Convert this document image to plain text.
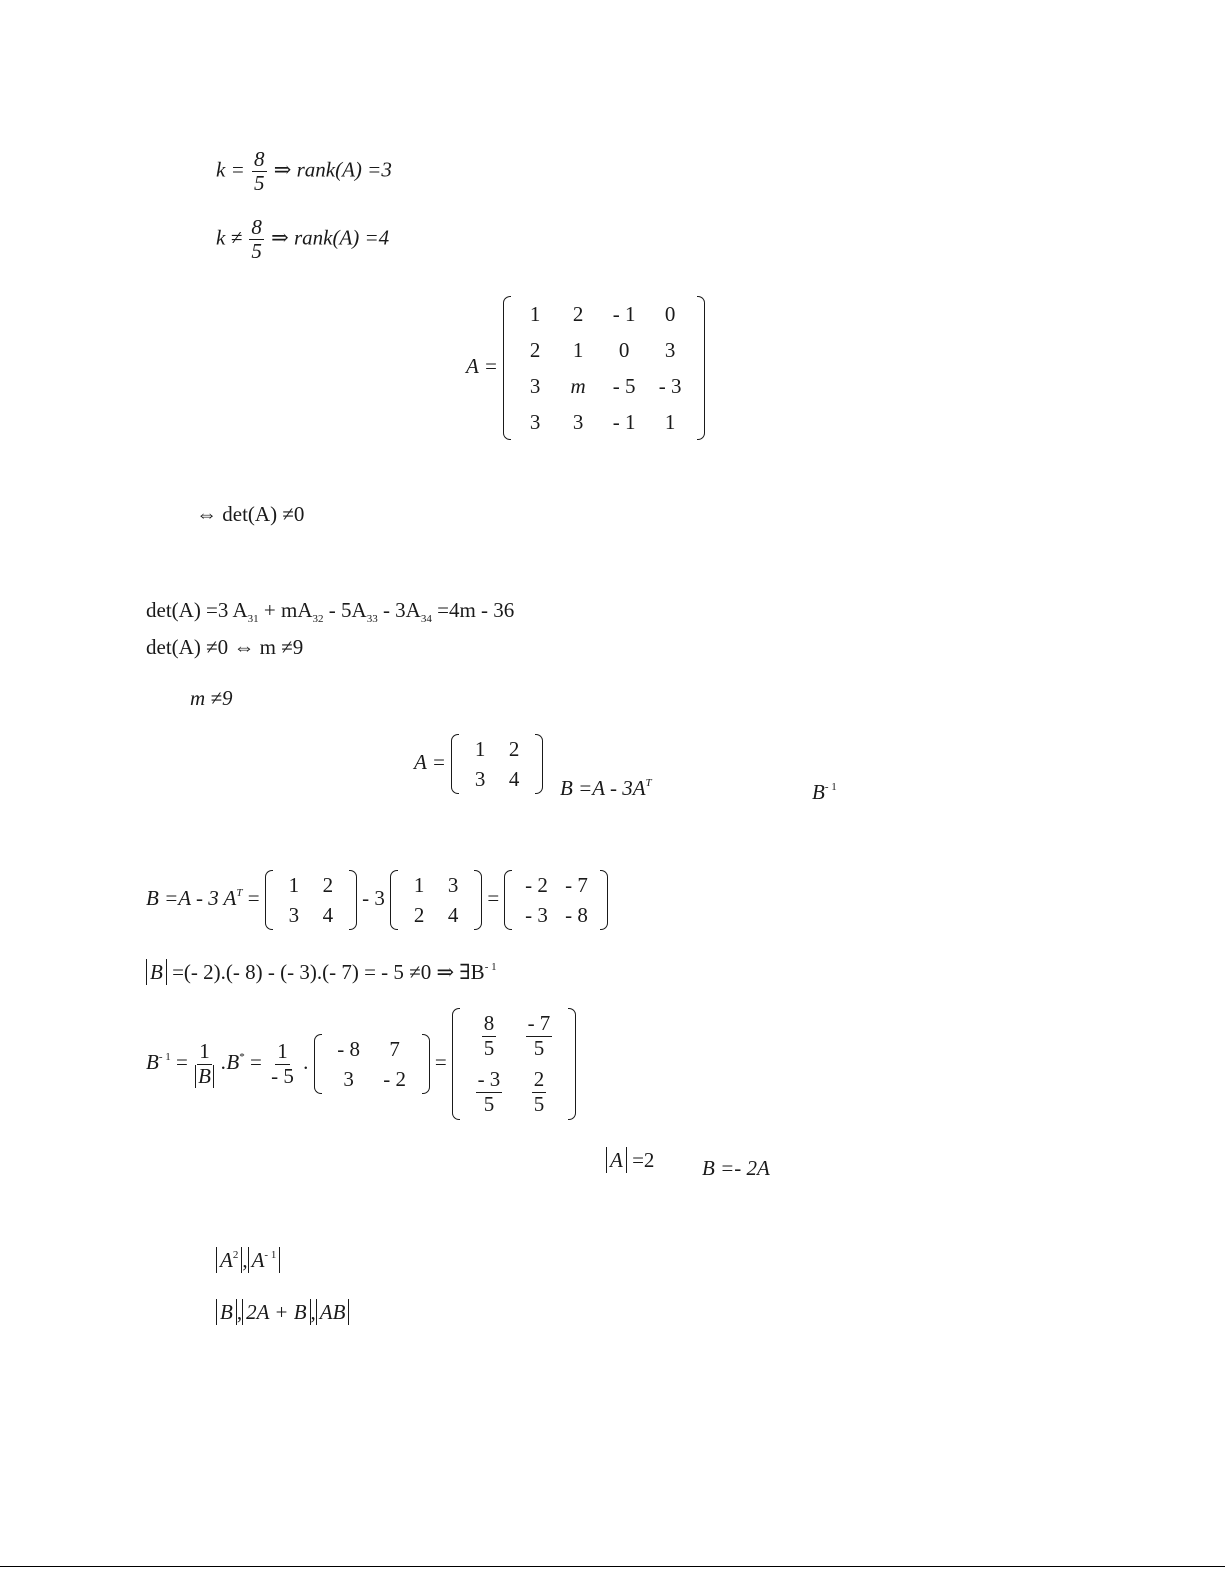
$k = \frac{8}{5}$ ⇒ rank(A) =3
$k \ne \frac{8}{5}$ ⇒ rank(A) =4
A =
1 2 - 1 0
2 1 0 3
3 m - 5 - 3
3 3 - 1 1
⇔ det(A) ≠0
det(A) =3 $A_{31} + mA_{32} - 5A_{33} - 3A_{34} =4m - 36$
det(A) ≠0 ⇔ m ≠9
m ≠9
A =
1 2
3 4 $B =A - 3A^T$	$B^{- 1}$
B =A - 3 $A^T$ =
1 2
3 4
- 3
1 3
2 4
=
- 2 - 7
- 3 - 8
B =(- 2).(- 8) - (- 3).(- 7) = - 5 ≠0 ⇒ $\exists B^{- 1}$
$B^{- 1} = \frac{1}{B} .B^* = \frac{1}{- 5}$ .
- 8 7
3 - 2
=
$\frac{8}{5} \frac{- 7}{5}$
$\frac{- 3}{5} \frac{2}{5}$
A =2 B =- 2A
$A^2$ , $A^{- 1}$
B , 2A + B , AB
